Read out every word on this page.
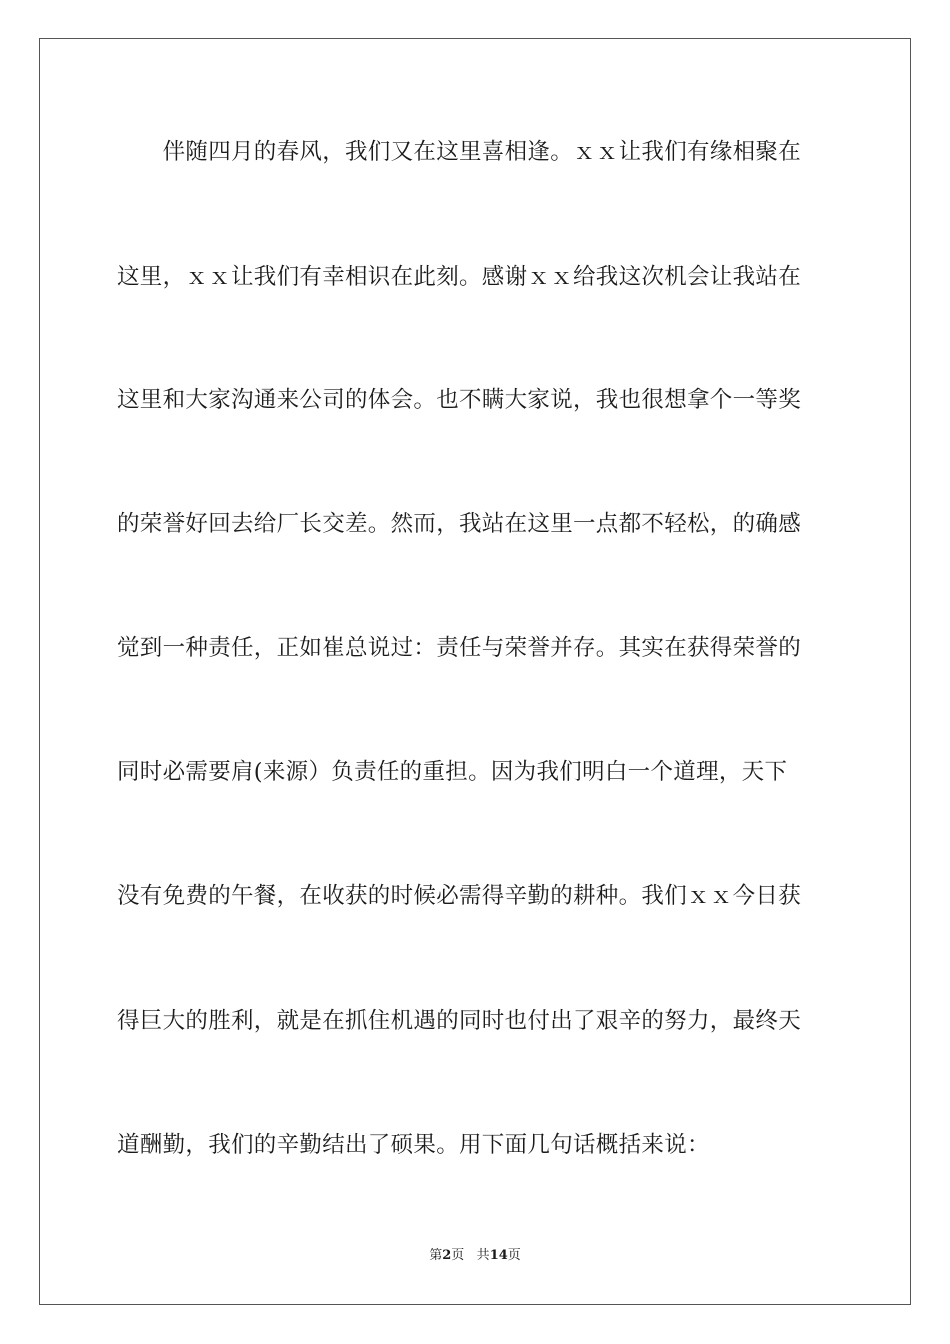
　　伴随四月的春风，我们又在这里喜相逢。ｘｘ让我们有缘相聚在
这里，ｘｘ让我们有幸相识在此刻。感谢ｘｘ给我这次机会让我站在
这里和大家沟通来公司的体会。也不瞒大家说，我也很想拿个一等奖
的荣誉好回去给厂长交差。然而，我站在这里一点都不轻松，的确感
觉到一种责任，正如崔总说过：责任与荣誉并存。其实在获得荣誉的
同时必需要肩(来源）负责任的重担。因为我们明白一个道理，天下
没有免费的午餐，在收获的时候必需得辛勤的耕种。我们ｘｘ今日获
得巨大的胜利，就是在抓住机遇的同时也付出了艰辛的努力，最终天
道酬勤，我们的辛勤结出了硕果。用下面几句话概括来说：
第2页 共14页
